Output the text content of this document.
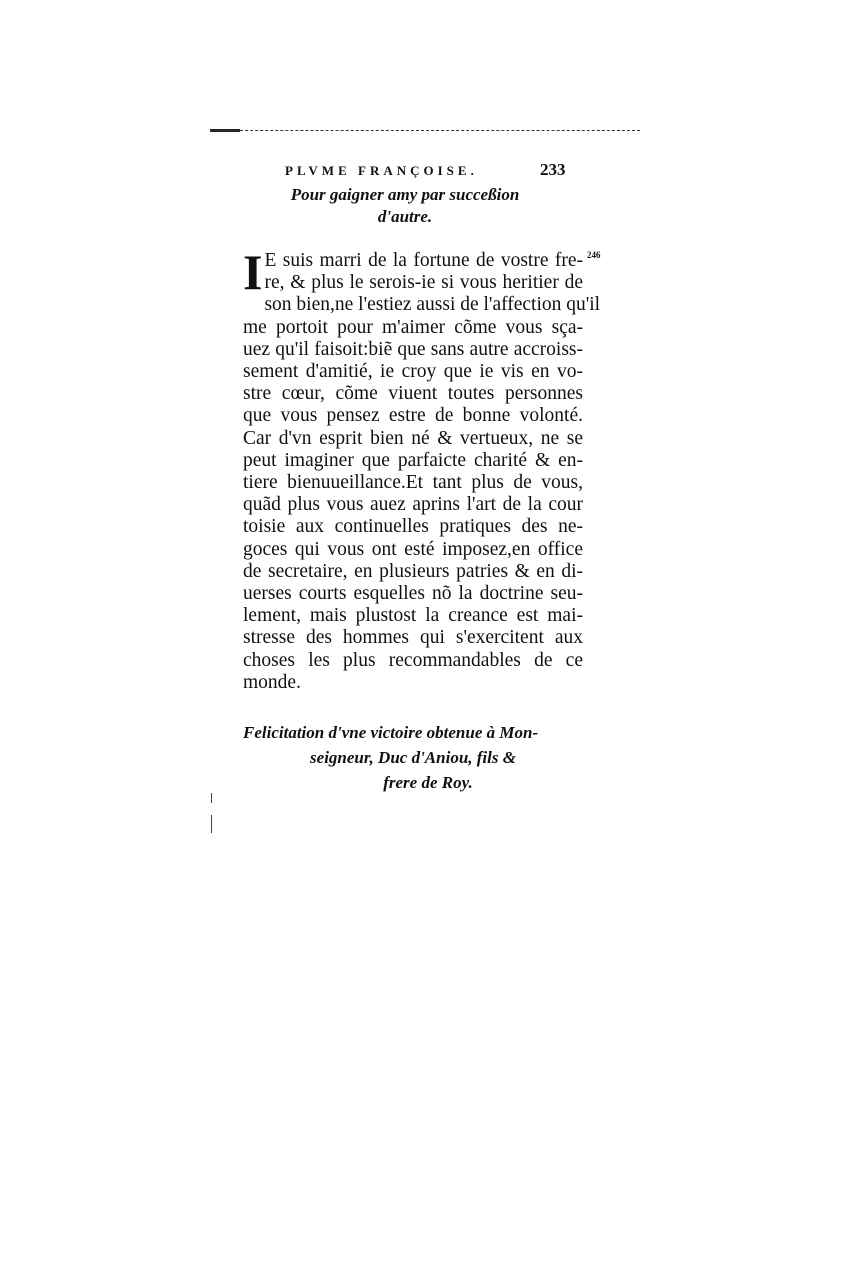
PLVME FRANÇOISE.	233
Pour gaigner amy par succeßion
d'autre.
246
I E suis marri de la fortune de vostre fre-
re, & plus le serois-ie si vous heritier de
son bien,ne l'estiez aussi de l'affection qu'il
me portoit pour m'aimer cõme vous sça-
uez qu'il faisoit:biẽ que sans autre accroiss-
sement d'amitié, ie croy que ie vis en vo-
stre cœur, cõme viuent toutes personnes
que vous pensez estre de bonne volonté.
Car d'vn esprit bien né & vertueux, ne se
peut imaginer que parfaicte charité & en-
tiere bienuueillance.Et tant plus de vous,
quãd plus vous auez aprins l'art de la cour
toisie aux continuelles pratiques des ne-
goces qui vous ont esté imposez,en office
de secretaire, en plusieurs patries & en di-
uerses courts esquelles nõ la doctrine seu-
lement, mais plustost la creance est mai-
stresse des hommes qui s'exercitent aux
choses les plus recommandables de ce
monde.
Felicitation d'vne victoire obtenue à Mon-
seigneur, Duc d'Aniou, fils &
frere de Roy.
